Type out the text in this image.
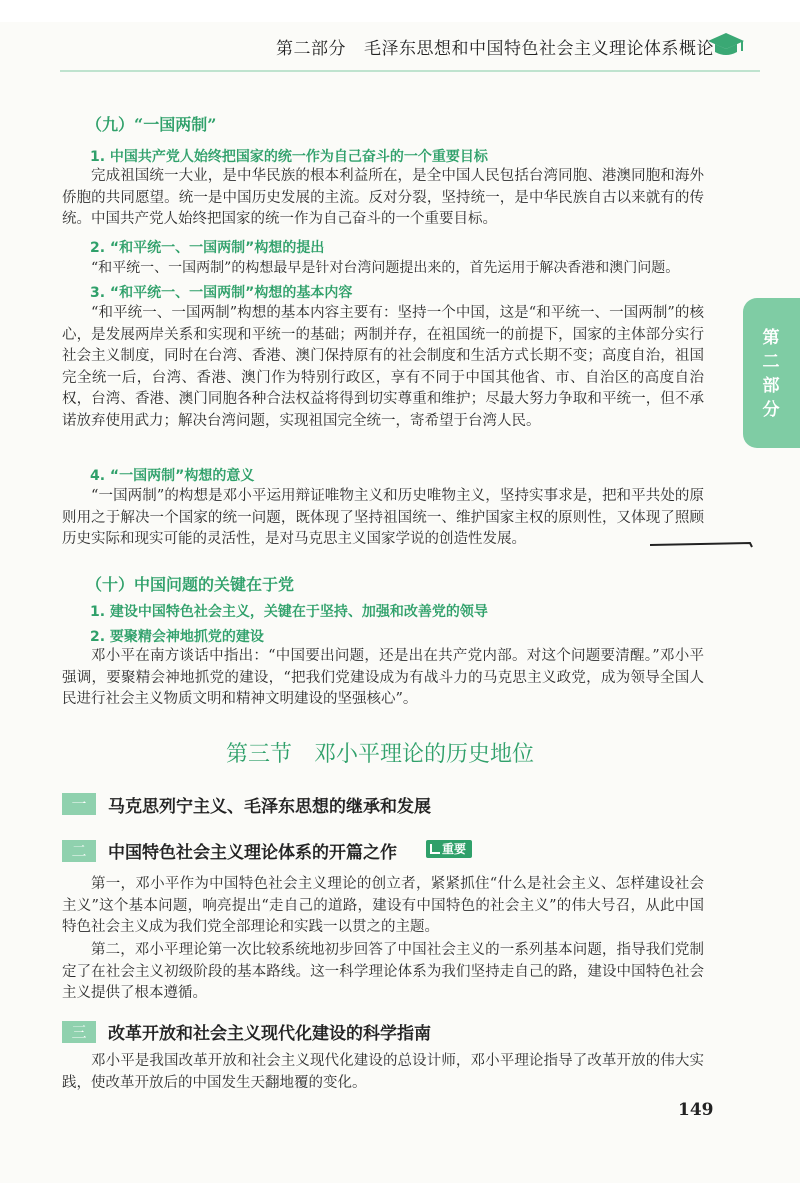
第二部分 毛泽东思想和中国特色社会主义理论体系概论
第二部分
（九）“一国两制”
1. 中国共产党人始终把国家的统一作为自己奋斗的一个重要目标
完成祖国统一大业，是中华民族的根本利益所在，是全中国人民包括台湾同胞、港澳同胞和海外侨胞的共同愿望。统一是中国历史发展的主流。反对分裂，坚持统一，是中华民族自古以来就有的传统。中国共产党人始终把国家的统一作为自己奋斗的一个重要目标。
2. “和平统一、一国两制”构想的提出
“和平统一、一国两制”的构想最早是针对台湾问题提出来的，首先运用于解决香港和澳门问题。
3. “和平统一、一国两制”构想的基本内容
“和平统一、一国两制”构想的基本内容主要有：坚持一个中国，这是“和平统一、一国两制”的核心，是发展两岸关系和实现和平统一的基础；两制并存，在祖国统一的前提下，国家的主体部分实行社会主义制度，同时在台湾、香港、澳门保持原有的社会制度和生活方式长期不变；高度自治，祖国完全统一后，台湾、香港、澳门作为特别行政区，享有不同于中国其他省、市、自治区的高度自治权，台湾、香港、澳门同胞各种合法权益将得到切实尊重和维护；尽最大努力争取和平统一，但不承诺放弃使用武力；解决台湾问题，实现祖国完全统一，寄希望于台湾人民。
4. “一国两制”构想的意义
“一国两制”的构想是邓小平运用辩证唯物主义和历史唯物主义，坚持实事求是，把和平共处的原则用之于解决一个国家的统一问题，既体现了坚持祖国统一、维护国家主权的原则性，又体现了照顾历史实际和现实可能的灵活性，是对马克思主义国家学说的创造性发展。
（十）中国问题的关键在于党
1. 建设中国特色社会主义，关键在于坚持、加强和改善党的领导
2. 要聚精会神地抓党的建设
邓小平在南方谈话中指出：“中国要出问题，还是出在共产党内部。对这个问题要清醒。”邓小平强调，要聚精会神地抓党的建设，“把我们党建设成为有战斗力的马克思主义政党，成为领导全国人民进行社会主义物质文明和精神文明建设的坚强核心”。
第三节　邓小平理论的历史地位
一	马克思列宁主义、毛泽东思想的继承和发展
二	中国特色社会主义理论体系的开篇之作	重要
第一，邓小平作为中国特色社会主义理论的创立者，紧紧抓住“什么是社会主义、怎样建设社会主义”这个基本问题，响亮提出“走自己的道路，建设有中国特色的社会主义”的伟大号召，从此中国特色社会主义成为我们党全部理论和实践一以贯之的主题。
第二，邓小平理论第一次比较系统地初步回答了中国社会主义的一系列基本问题，指导我们党制定了在社会主义初级阶段的基本路线。这一科学理论体系为我们坚持走自己的路，建设中国特色社会主义提供了根本遵循。
三	改革开放和社会主义现代化建设的科学指南
邓小平是我国改革开放和社会主义现代化建设的总设计师，邓小平理论指导了改革开放的伟大实践，使改革开放后的中国发生天翻地覆的变化。
149
